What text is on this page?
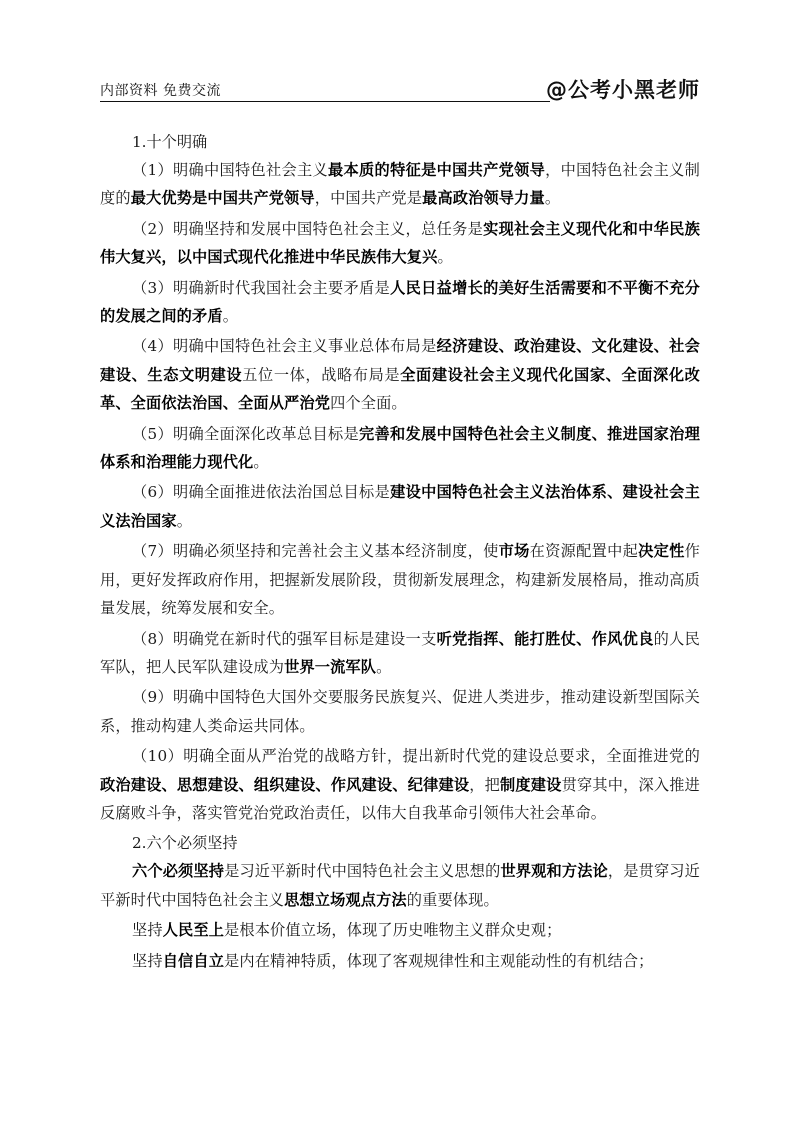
内部资料 免费交流	@公考小黑老师
1.十个明确

（1）明确中国特色社会主义最本质的特征是中国共产党领导，中国特色社会主义制度的最大优势是中国共产党领导，中国共产党是最高政治领导力量。

（2）明确坚持和发展中国特色社会主义，总任务是实现社会主义现代化和中华民族伟大复兴，以中国式现代化推进中华民族伟大复兴。

（3）明确新时代我国社会主要矛盾是人民日益增长的美好生活需要和不平衡不充分的发展之间的矛盾。

（4）明确中国特色社会主义事业总体布局是经济建设、政治建设、文化建设、社会建设、生态文明建设五位一体，战略布局是全面建设社会主义现代化国家、全面深化改革、全面依法治国、全面从严治党四个全面。

（5）明确全面深化改革总目标是完善和发展中国特色社会主义制度、推进国家治理体系和治理能力现代化。

（6）明确全面推进依法治国总目标是建设中国特色社会主义法治体系、建设社会主义法治国家。

（7）明确必须坚持和完善社会主义基本经济制度，使市场在资源配置中起决定性作用，更好发挥政府作用，把握新发展阶段，贯彻新发展理念，构建新发展格局，推动高质量发展，统筹发展和安全。

（8）明确党在新时代的强军目标是建设一支听党指挥、能打胜仗、作风优良的人民军队，把人民军队建设成为世界一流军队。

（9）明确中国特色大国外交要服务民族复兴、促进人类进步，推动建设新型国际关系，推动构建人类命运共同体。

（10）明确全面从严治党的战略方针，提出新时代党的建设总要求，全面推进党的政治建设、思想建设、组织建设、作风建设、纪律建设，把制度建设贯穿其中，深入推进反腐败斗争，落实管党治党政治责任，以伟大自我革命引领伟大社会革命。

2.六个必须坚持

六个必须坚持是习近平新时代中国特色社会主义思想的世界观和方法论，是贯穿习近平新时代中国特色社会主义思想立场观点方法的重要体现。

坚持人民至上是根本价值立场，体现了历史唯物主义群众史观；

坚持自信自立是内在精神特质，体现了客观规律性和主观能动性的有机结合；
